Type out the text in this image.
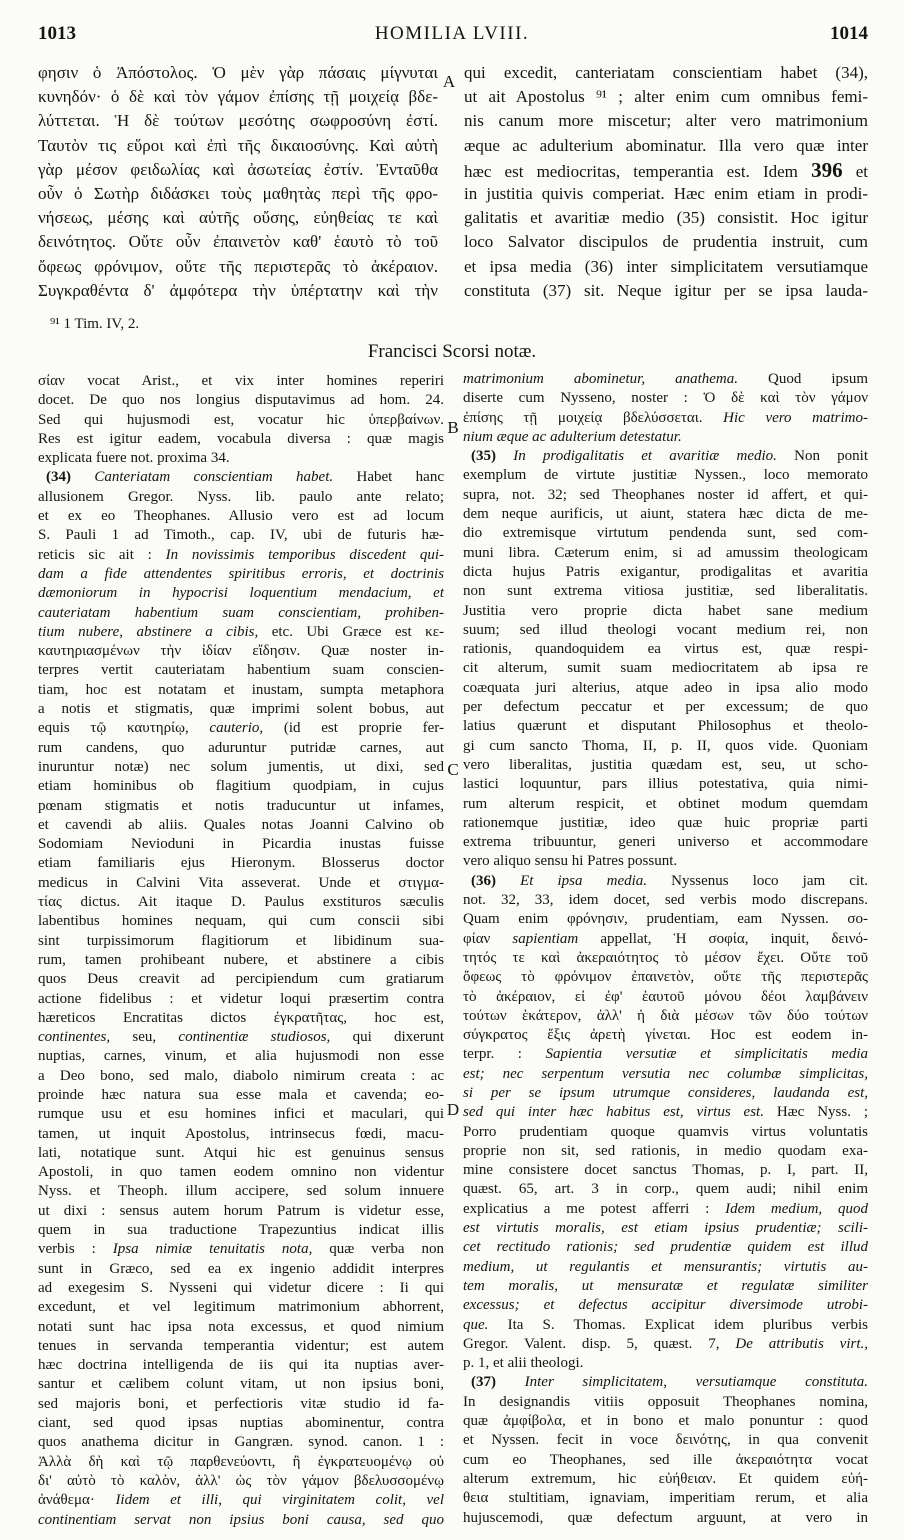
1013	HOMILIA LVIII.	1014
φησιν ὁ Ἀπόστολος. Ὁ μὲν γὰρ πάσαις μίγνυται
κυνηδόν· ὁ δὲ καὶ τὸν γάμον ἐπίσης τῇ μοιχείᾳ βδε-
λύττεται. Ἡ δὲ τούτων μεσότης σωφροσύνη ἐστί.
Ταυτὸν τις εὕροι καὶ ἐπὶ τῆς δικαιοσύνης. Καὶ αὐτὴ
γὰρ μέσον φειδωλίας καὶ ἀσωτείας ἐστίν. Ἐνταῦθα
οὖν ὁ Σωτὴρ διδάσκει τοὺς μαθητὰς περὶ τῆς φρο-
νήσεως, μέσης καὶ αὐτῆς οὔσης, εὐηθείας τε καὶ
δεινότητος. Οὔτε οὖν ἐπαινετὸν καθ' ἑαυτὸ τὸ τοῦ
ὄφεως φρόνιμον, οὔτε τῆς περιστερᾶς τὸ ἀκέραιον.
Συγκραθέντα δ' ἀμφότερα τὴν ὑπέρτατην καὶ τὴν
A qui excedit, canteriatam conscientiam habet (34),
ut ait Apostolus ⁹¹ ; alter enim cum omnibus femi-
nis canum more miscetur; alter vero matrimonium
æque ac adulterium abominatur. Illa vero quæ inter
hæc est mediocritas, temperantia est. Idem 396 et
in justitia quivis comperiat. Hæc enim etiam in prodi-
galitatis et avaritiæ medio (35) consistit. Hoc igitur
loco Salvator discipulos de prudentia instruit, cum
et ipsa media (36) inter simplicitatem versutiamque
constituta (37) sit. Neque igitur per se ipsa lauda-
⁹¹ 1 Tim. IV, 2.
Francisci Scorsi notæ.
σίαν vocat Arist., et vix inter homines reperiri
docet. De quo nos longius disputavimus ad hom. 24.
Sed qui hujusmodi est, vocatur hic ὑπερβαίνων.
Res est igitur eadem, vocabula diversa : quæ magis
explicata fuere not. proxima 34.
(34) Canteriatam conscientiam habet. Habet hanc
allusionem Gregor. Nyss. lib. paulo ante relato;
et ex eo Theophanes. Allusio vero est ad locum
S. Pauli 1 ad Timoth., cap. IV, ubi de futuris hæ-
reticis sic ait : In novissimis temporibus discedent qui-
dam a fide attendentes spiritibus erroris, et doctrinis
dæmoniorum in hypocrisi loquentium mendacium, et
cauteriatam habentium suam conscientiam, prohiben-
tium nubere, abstinere a cibis, etc. Ubi Græce est κε-
καυτηριασμένων τὴν ἰδίαν εἴδησιν. Quæ noster in-
terpres vertit cauteriatam habentium suam conscien-
tiam, hoc est notatam et inustam, sumpta metaphora
a notis et stigmatis, quæ imprimi solent bobus, aut
equis τῷ καυτηρίῳ, cauterio, (id est proprie fer-
rum candens, quo aduruntur putridæ carnes, aut
inuruntur notæ) nec solum jumentis, ut dixi, sed
etiam hominibus ob flagitium quodpiam, in cujus
pœnam stigmatis et notis traducuntur ut infames,
et cavendi ab aliis. Quales notas Joanni Calvino ob
Sodomiam Nevioduni in Picardia inustas fuisse
etiam familiaris ejus Hieronym. Blosserus doctor
medicus in Calvini Vita asseverat. Unde et στιγμα-
τίας dictus. Ait itaque D. Paulus exstituros sæculis
labentibus homines nequam, qui cum conscii sibi
sint turpissimorum flagitiorum et libidinum sua-
rum, tamen prohibeant nubere, et abstinere a cibis
quos Deus creavit ad percipiendum cum gratiarum
actione fidelibus : et videtur loqui præsertim contra
hæreticos Encratitas dictos ἐγκρατῆτας, hoc est,
continentes, seu, continentiæ studiosos, qui dixerunt
nuptias, carnes, vinum, et alia hujusmodi non esse
a Deo bono, sed malo, diabolo nimirum creata : ac
proinde hæc natura sua esse mala et cavenda; eo-
rumque usu et esu homines infici et maculari, qui
tamen, ut inquit Apostolus, intrinsecus fœdi, macu-
lati, notatique sunt. Atqui hic est genuinus sensus
Apostoli, in quo tamen eodem omnino non videntur
Nyss. et Theoph. illum accipere, sed solum innuere
ut dixi : sensus autem horum Patrum is videtur esse,
quem in sua traductione Trapezuntius indicat illis
verbis : Ipsa nimiæ tenuitatis nota, quæ verba non
sunt in Græco, sed ea ex ingenio addidit interpres
ad exegesim S. Nysseni qui videtur dicere : Ii qui
excedunt, et vel legitimum matrimonium abhorrent,
notati sunt hac ipsa nota excessus, et quod nimium
tenues in servanda temperantia videntur; est autem
hæc doctrina intelligenda de iis qui ita nuptias aver-
santur et cælibem colunt vitam, ut non ipsius boni,
sed majoris boni, et perfectioris vitæ studio id fa-
ciant, sed quod ipsas nuptias abominentur, contra
quos anathema dicitur in Gangræn. synod. canon. 1 :
Ἀλλὰ δὴ καὶ τῷ παρθενεύοντι, ἢ ἐγκρατευομένῳ οὐ
δι' αὐτὸ τὸ καλὸν, ἀλλ' ὡς τὸν γάμον βδελυσσομένῳ
ἀνάθεμα· Iidem et illi, qui virginitatem colit, vel
continentiam servat non ipsius boni causa, sed quo
B
C
D
matrimonium abominetur, anathema. Quod ipsum
diserte cum Nysseno, noster : Ὁ δὲ καὶ τὸν γάμον
ἐπίσης τῇ μοιχείᾳ βδελύσσεται. Hic vero matrimo-
nium æque ac adulterium detestatur.
(35) In prodigalitatis et avaritiæ medio. Non ponit
exemplum de virtute justitiæ Nyssen., loco memorato
supra, not. 32; sed Theophanes noster id affert, et qui-
dem neque aurificis, ut aiunt, statera hæc dicta de me-
dio extremisque virtutum pendenda sunt, sed com-
muni libra. Cæterum enim, si ad amussim theologicam
dicta hujus Patris exigantur, prodigalitas et avaritia
non sunt extrema vitiosa justitiæ, sed liberalitatis.
Justitia vero proprie dicta habet sane medium
suum; sed illud theologi vocant medium rei, non
rationis, quandoquidem ea virtus est, quæ respi-
cit alterum, sumit suam mediocritatem ab ipsa re
coæquata juri alterius, atque adeo in ipsa alio modo
per defectum peccatur et per excessum; de quo
latius quærunt et disputant Philosophus et theolo-
gi cum sancto Thoma, II, p. II, quos vide. Quoniam
vero liberalitas, justitia quædam est, seu, ut scho-
lastici loquuntur, pars illius potestativa, quia nimi-
rum alterum respicit, et obtinet modum quemdam
rationemque justitiæ, ideo quæ huic propriæ parti
extrema tribuuntur, generi universo et accommodare
vero aliquo sensu hi Patres possunt.
(36) Et ipsa media. Nyssenus loco jam cit.
not. 32, 33, idem docet, sed verbis modo discrepans.
Quam enim φρόνησιν, prudentiam, eam Nyssen. σο-
φίαν sapientiam appellat, Ἡ σοφία, inquit, δεινό-
τητός τε καὶ ἀκεραιότητος τὸ μέσον ἔχει. Οὔτε τοῦ
ὄφεως τὸ φρόνιμον ἐπαινετὸν, οὔτε τῆς περιστερᾶς
τὸ ἀκέραιον, εἰ ἐφ' ἑαυτοῦ μόνου δέοι λαμβάνειν
τούτων ἑκάτερον, ἀλλ' ἡ διὰ μέσων τῶν δύο τούτων
σύγκρατος ἕξις ἀρετὴ γίνεται. Hoc est eodem in-
terpr. : Sapientia versutiæ et simplicitatis media
est; nec serpentum versutia nec columbæ simplicitas,
si per se ipsum utrumque consideres, laudanda est,
sed qui inter hæc habitus est, virtus est. Hæc Nyss. ;
Porro prudentiam quoque quamvis virtus voluntatis
proprie non sit, sed rationis, in medio quodam exa-
mine consistere docet sanctus Thomas, p. I, part. II,
quæst. 65, art. 3 in corp., quem audi; nihil enim
explicatius a me potest afferri : Idem medium, quod
est virtutis moralis, est etiam ipsius prudentiæ; scili-
cet rectitudo rationis; sed prudentiæ quidem est illud
medium, ut regulantis et mensurantis; virtutis au-
tem moralis, ut mensuratæ et regulatæ similiter
excessus; et defectus accipitur diversimode utrobi-
que. Ita S. Thomas. Explicat idem pluribus verbis
Gregor. Valent. disp. 5, quæst. 7, De attributis virt.,
p. 1, et alii theologi.
(37) Inter simplicitatem, versutiamque constituta.
In designandis vitiis opposuit Theophanes nomina,
quæ ἀμφίβολα, et in bono et malo ponuntur : quod
et Nyssen. fecit in voce δεινότης, in qua convenit
cum eo Theophanes, sed ille ἀκεραιότητα vocat
alterum extremum, hic εὐήθειαν. Et quidem εὐή-
θεια stultitiam, ignaviam, imperitiam rerum, et alia
hujuscemodi, quæ defectum arguunt, at vero in
